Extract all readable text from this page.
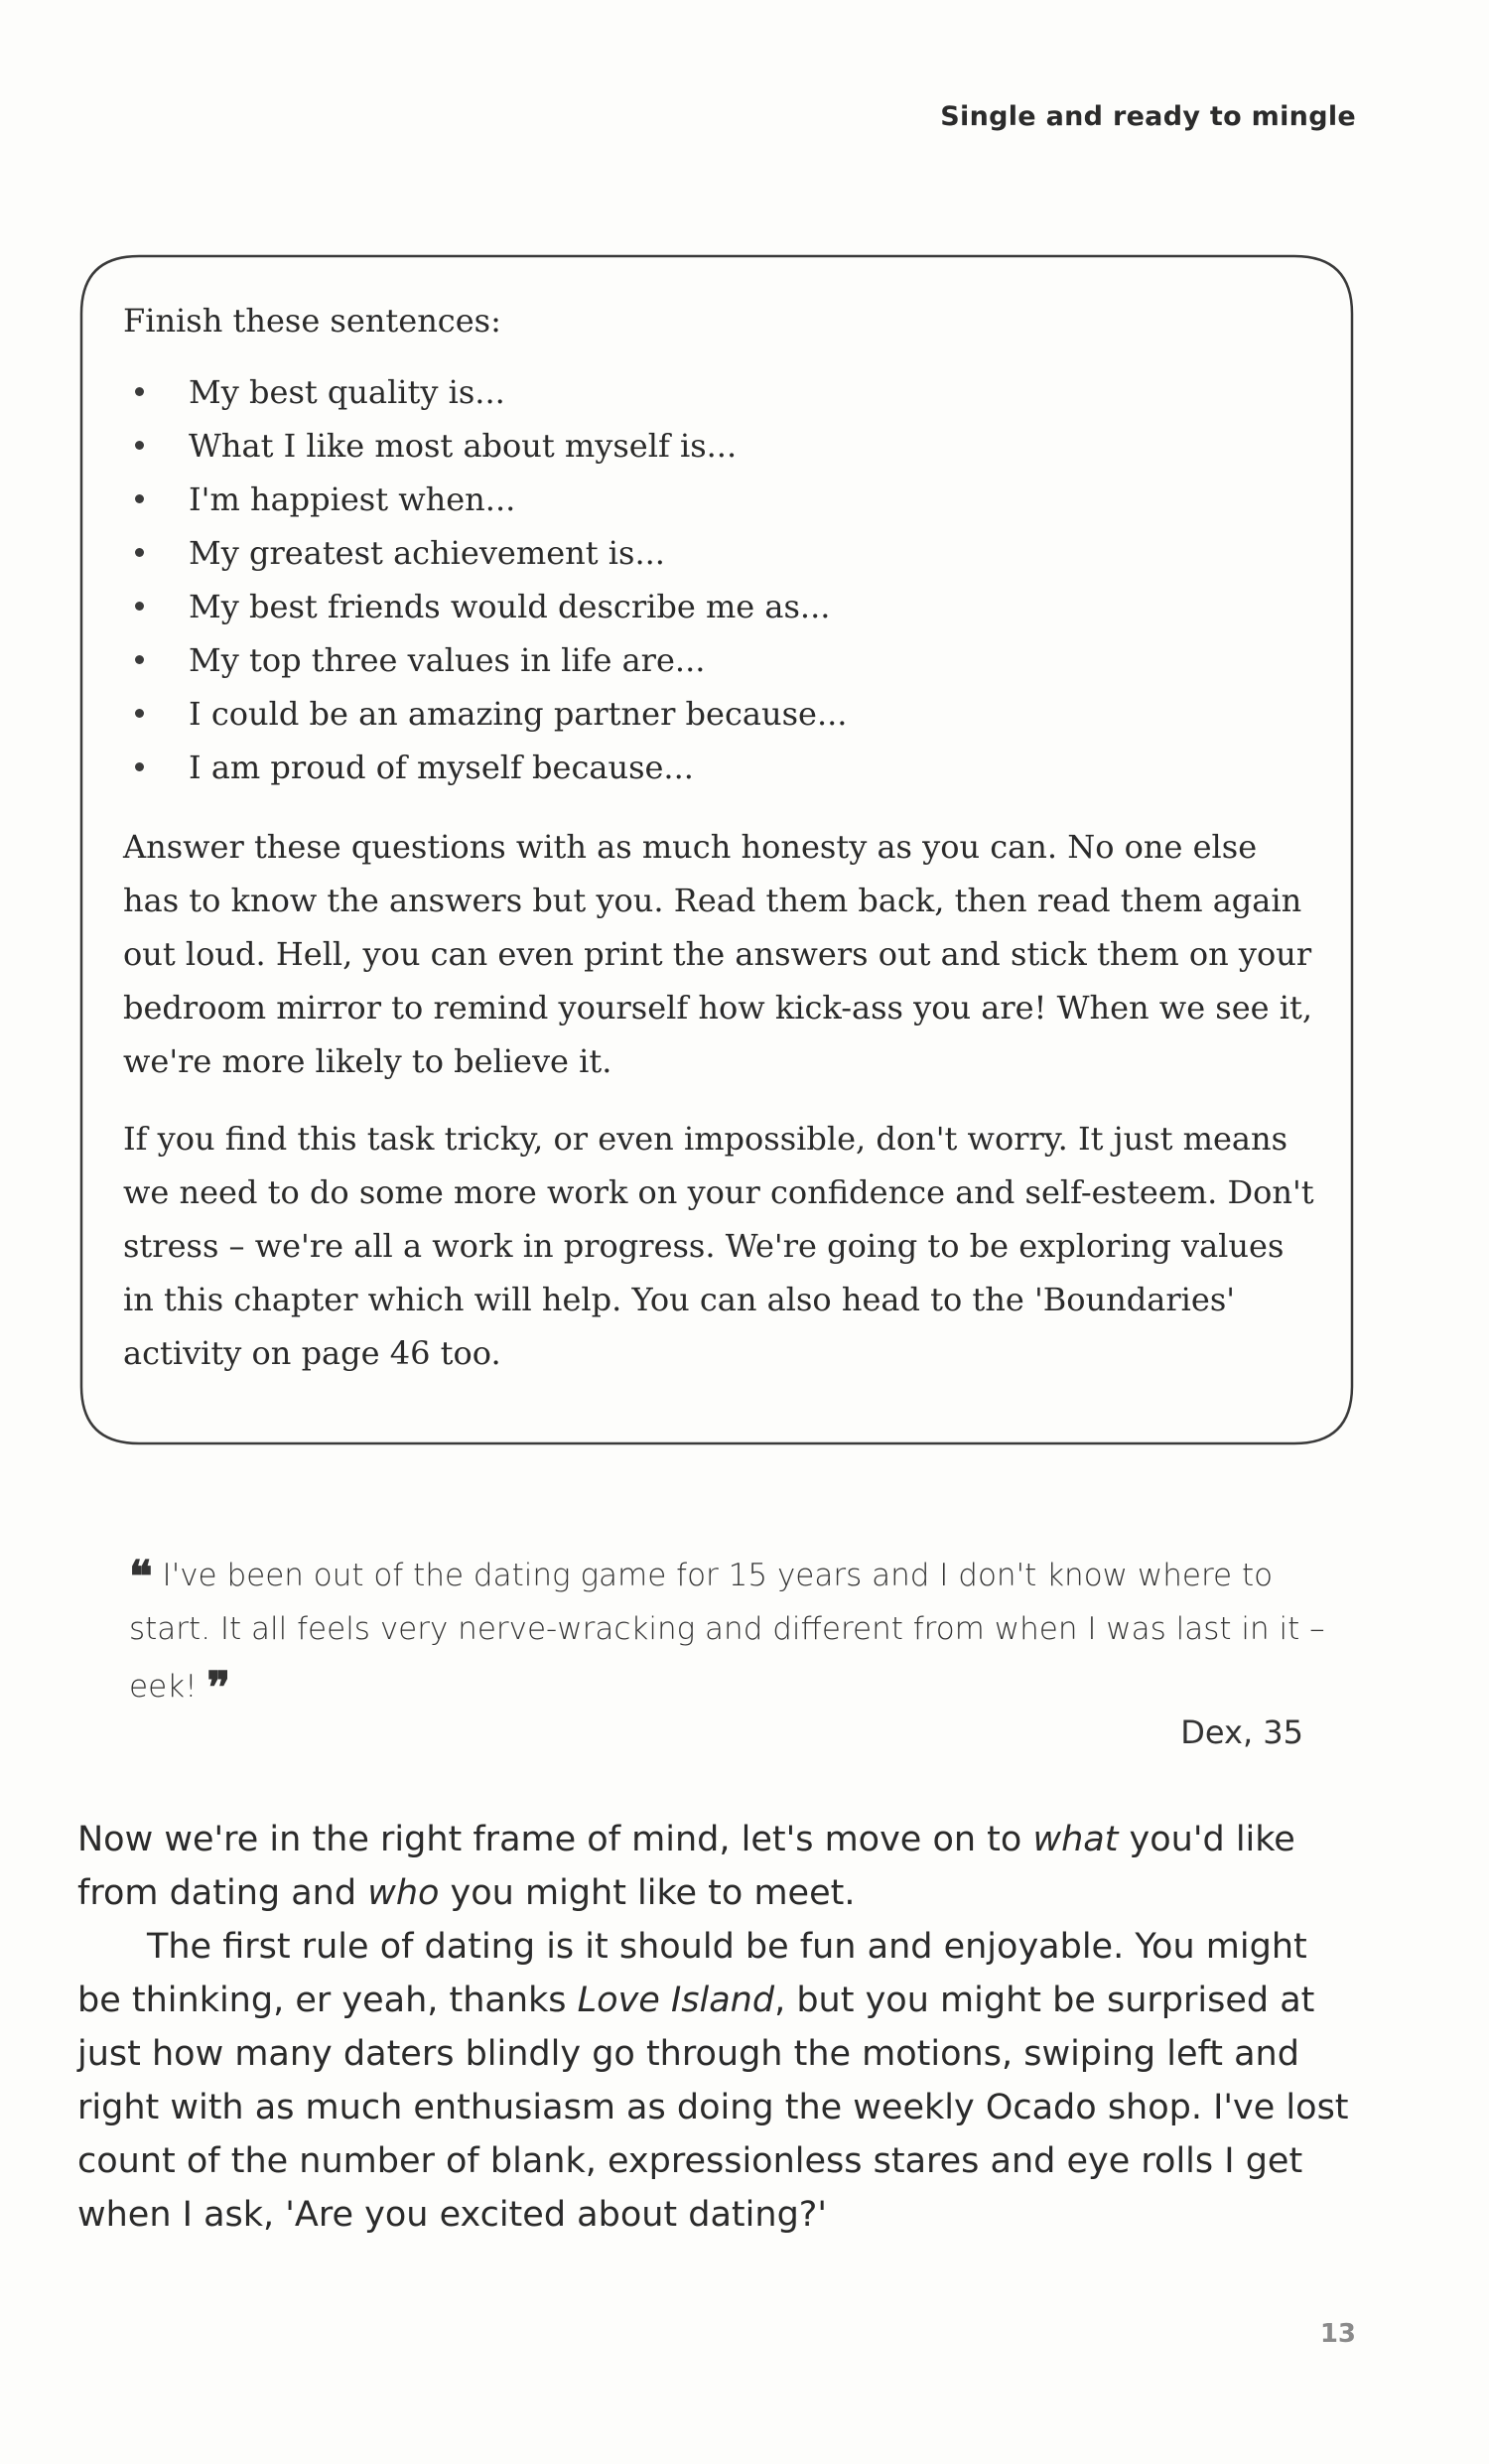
Single and ready to mingle

Finish these sentences:

My best quality is...
What I like most about myself is...
I'm happiest when...
My greatest achievement is...
My best friends would describe me as...
My top three values in life are...
I could be an amazing partner because...
I am proud of myself because...

Answer these questions with as much honesty as you can. No one else has to know the answers but you. Read them back, then read them again out loud. Hell, you can even print the answers out and stick them on your bedroom mirror to remind yourself how kick-ass you are! When we see it, we're more likely to believe it.

If you find this task tricky, or even impossible, don't worry. It just means we need to do some more work on your confidence and self-esteem. Don't stress – we're all a work in progress. We're going to be exploring values in this chapter which will help. You can also head to the 'Boundaries' activity on page 46 too.

❝ I've been out of the dating game for 15 years and I don't know where to start. It all feels very nerve-wracking and different from when I was last in it – eek! ❞
Dex, 35

Now we're in the right frame of mind, let's move on to what you'd like from dating and who you might like to meet.

The first rule of dating is it should be fun and enjoyable. You might be thinking, er yeah, thanks Love Island, but you might be surprised at just how many daters blindly go through the motions, swiping left and right with as much enthusiasm as doing the weekly Ocado shop. I've lost count of the number of blank, expressionless stares and eye rolls I get when I ask, 'Are you excited about dating?'

13
